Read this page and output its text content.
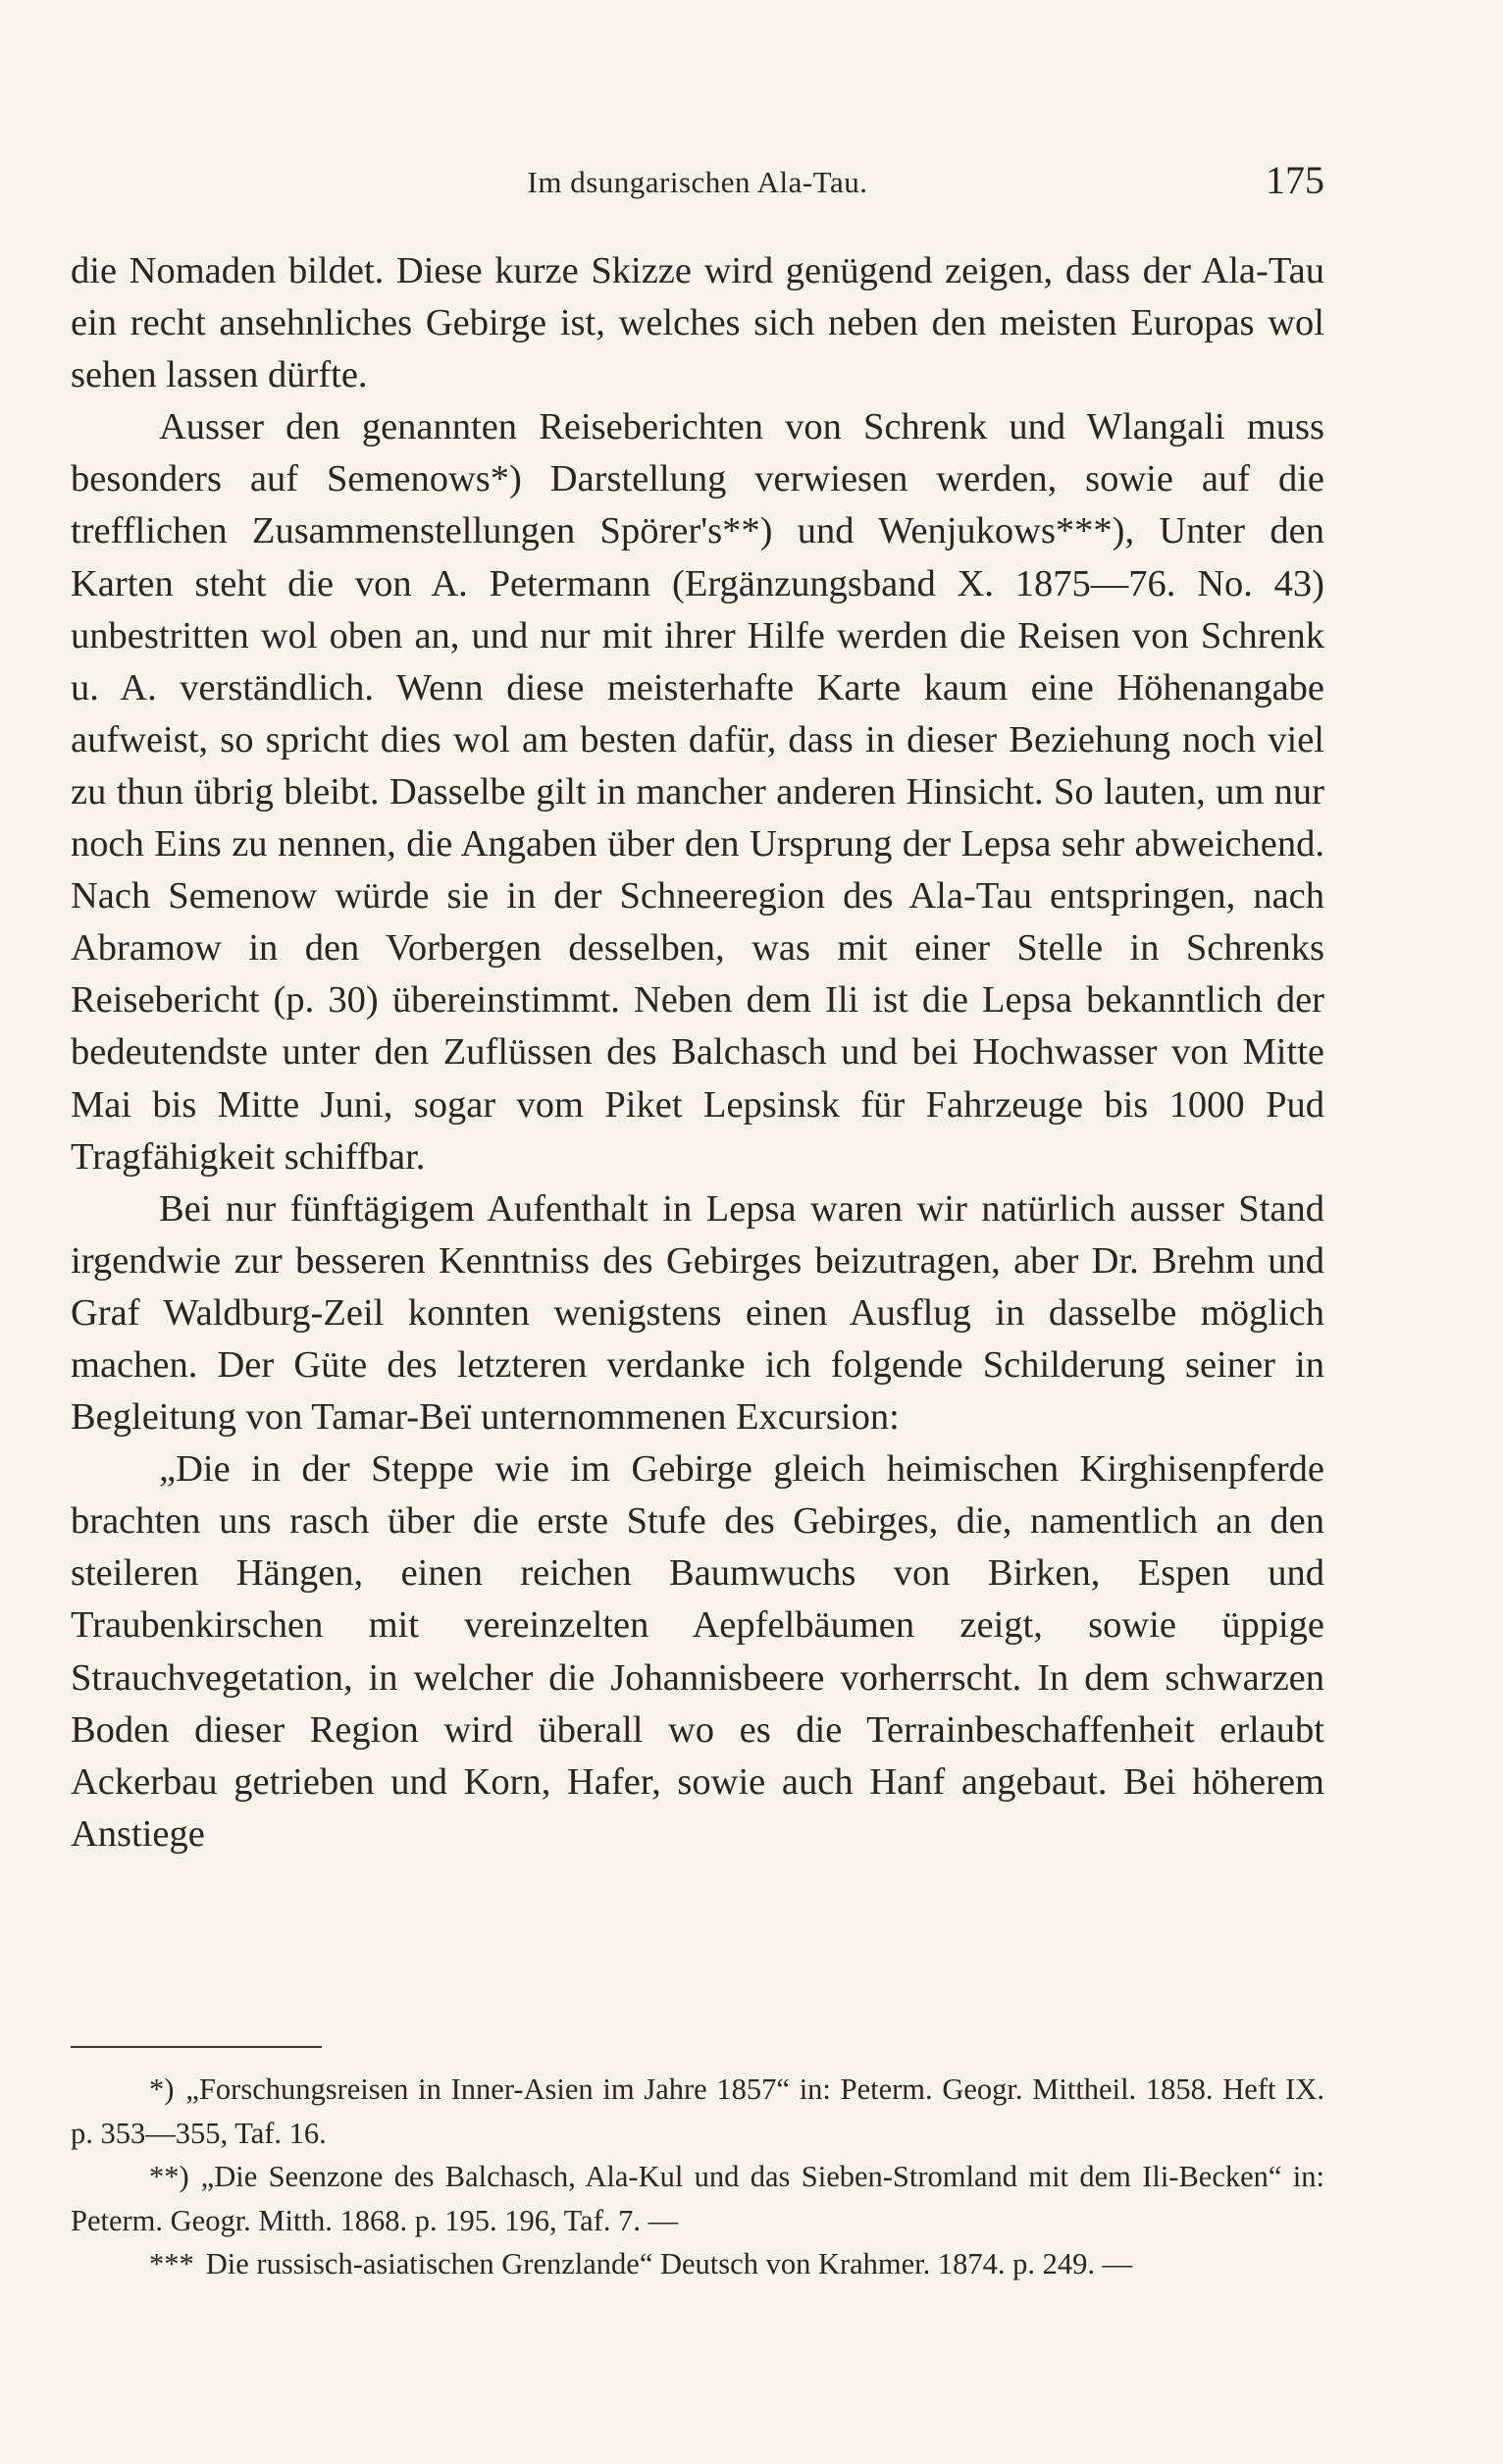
Im dsungarischen Ala-Tau.	175

die Nomaden bildet. Diese kurze Skizze wird genügend zeigen, dass der Ala-Tau ein recht ansehnliches Gebirge ist, welches sich neben den meisten Europas wol sehen lassen dürfte.

Ausser den genannten Reiseberichten von Schrenk und Wlangali muss besonders auf Semenows*) Darstellung verwiesen werden, sowie auf die trefflichen Zusammenstellungen Spörer's**) und Wenjukows***), Unter den Karten steht die von A. Petermann (Ergänzungsband X. 1875—76. No. 43) unbestritten wol oben an, und nur mit ihrer Hilfe werden die Reisen von Schrenk u. A. verständlich. Wenn diese meisterhafte Karte kaum eine Höhenangabe aufweist, so spricht dies wol am besten dafür, dass in dieser Beziehung noch viel zu thun übrig bleibt. Dasselbe gilt in mancher anderen Hinsicht. So lauten, um nur noch Eins zu nennen, die Angaben über den Ursprung der Lepsa sehr abweichend. Nach Semenow würde sie in der Schneeregion des Ala-Tau entspringen, nach Abramow in den Vorbergen desselben, was mit einer Stelle in Schrenks Reisebericht (p. 30) übereinstimmt. Neben dem Ili ist die Lepsa bekanntlich der bedeutendste unter den Zuflüssen des Balchasch und bei Hochwasser von Mitte Mai bis Mitte Juni, sogar vom Piket Lepsinsk für Fahrzeuge bis 1000 Pud Tragfähigkeit schiffbar.

Bei nur fünftägigem Aufenthalt in Lepsa waren wir natürlich ausser Stand irgendwie zur besseren Kenntniss des Gebirges beizutragen, aber Dr. Brehm und Graf Waldburg-Zeil konnten wenigstens einen Ausflug in dasselbe möglich machen. Der Güte des letzteren verdanke ich folgende Schilderung seiner in Begleitung von Tamar-Beï unternommenen Excursion:

„Die in der Steppe wie im Gebirge gleich heimischen Kirghisenpferde brachten uns rasch über die erste Stufe des Gebirges, die, namentlich an den steileren Hängen, einen reichen Baumwuchs von Birken, Espen und Traubenkirschen mit vereinzelten Aepfelbäumen zeigt, sowie üppige Strauchvegetation, in welcher die Johannisbeere vorherrscht. In dem schwarzen Boden dieser Region wird überall wo es die Terrainbeschaffenheit erlaubt Ackerbau getrieben und Korn, Hafer, sowie auch Hanf angebaut. Bei höherem Anstiege

*) „Forschungsreisen in Inner-Asien im Jahre 1857“ in: Peterm. Geogr. Mittheil. 1858. Heft IX. p. 353—355, Taf. 16.

**) „Die Seenzone des Balchasch, Ala-Kul und das Sieben-Stromland mit dem Ili-Becken“ in: Peterm. Geogr. Mitth. 1868. p. 195. 196, Taf. 7. —

*** Die russisch-asiatischen Grenzlande“ Deutsch von Krahmer. 1874. p. 249. —
